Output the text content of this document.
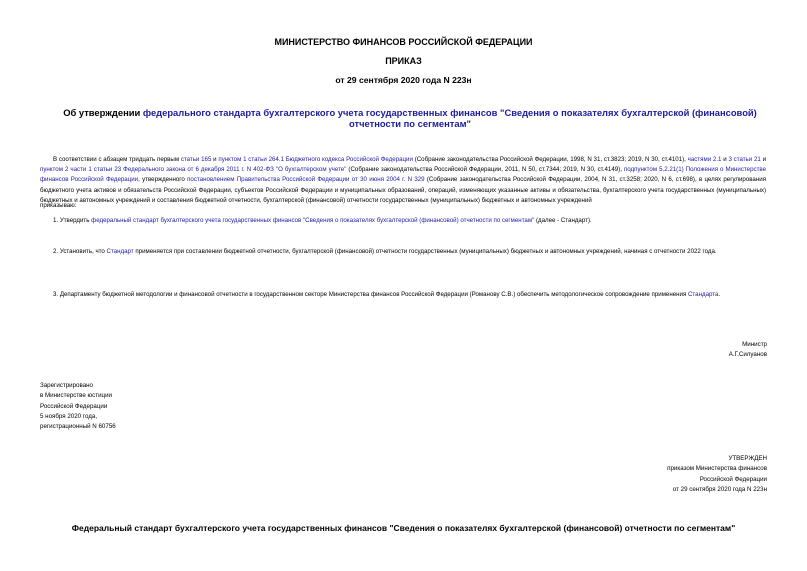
МИНИСТЕРСТВО ФИНАНСОВ РОССИЙСКОЙ ФЕДЕРАЦИИ
ПРИКАЗ
от 29 сентября 2020 года N 223н
Об утверждении федерального стандарта бухгалтерского учета государственных финансов "Сведения о показателях бухгалтерской (финансовой) отчетности по сегментам"
В соответствии с абзацем тридцать первым статьи 165 и пунктом 1 статьи 264.1 Бюджетного кодекса Российской Федерации (Собрание законодательства Российской Федерации, 1998, N 31, ст.3823; 2019, N 30, ст.4101), частями 2.1 и 3 статьи 21 и пунктом 2 части 1 статьи 23 Федерального закона от 6 декабря 2011 г. N 402-ФЗ "О бухгалтерском учете" (Собрание законодательства Российской Федерации, 2011, N 50, ст.7344; 2019, N 30, ст.4149), подпунктом 5.2.21(1) Положения о Министерстве финансов Российской Федерации, утвержденного постановлением Правительства Российской Федерации от 30 июня 2004 г. N 329 (Собрание законодательства Российской Федерации, 2004, N 31, ст.3258; 2020, N 6, ст.698), в целях регулирования бюджетного учета активов и обязательств Российской Федерации, субъектов Российской Федерации и муниципальных образований, операций, изменяющих указанные активы и обязательства, бухгалтерского учета государственных (муниципальных) бюджетных и автономных учреждений и составления бюджетной отчетности, бухгалтерской (финансовой) отчетности государственных (муниципальных) бюджетных и автономных учреждений
приказываю:
1. Утвердить федеральный стандарт бухгалтерского учета государственных финансов "Сведения о показателях бухгалтерской (финансовой) отчетности по сегментам" (далее - Стандарт).
2. Установить, что Стандарт применяется при составлении бюджетной отчетности, бухгалтерской (финансовой) отчетности государственных (муниципальных) бюджетных и автономных учреждений, начиная с отчетности 2022 года.
3. Департаменту бюджетной методологии и финансовой отчетности в государственном секторе Министерства финансов Российской Федерации (Романову С.В.) обеспечить методологическое сопровождение применения Стандарта.
Министр
А.Г.Силуанов
Зарегистрировано
в Министерстве юстиции
Российской Федерации
5 ноября 2020 года,
регистрационный N 60756
УТВЕРЖДЕН
приказом Министерства финансов
Российской Федерации
от 29 сентября 2020 года N 223н
Федеральный стандарт бухгалтерского учета государственных финансов "Сведения о показателях бухгалтерской (финансовой) отчетности по сегментам"
